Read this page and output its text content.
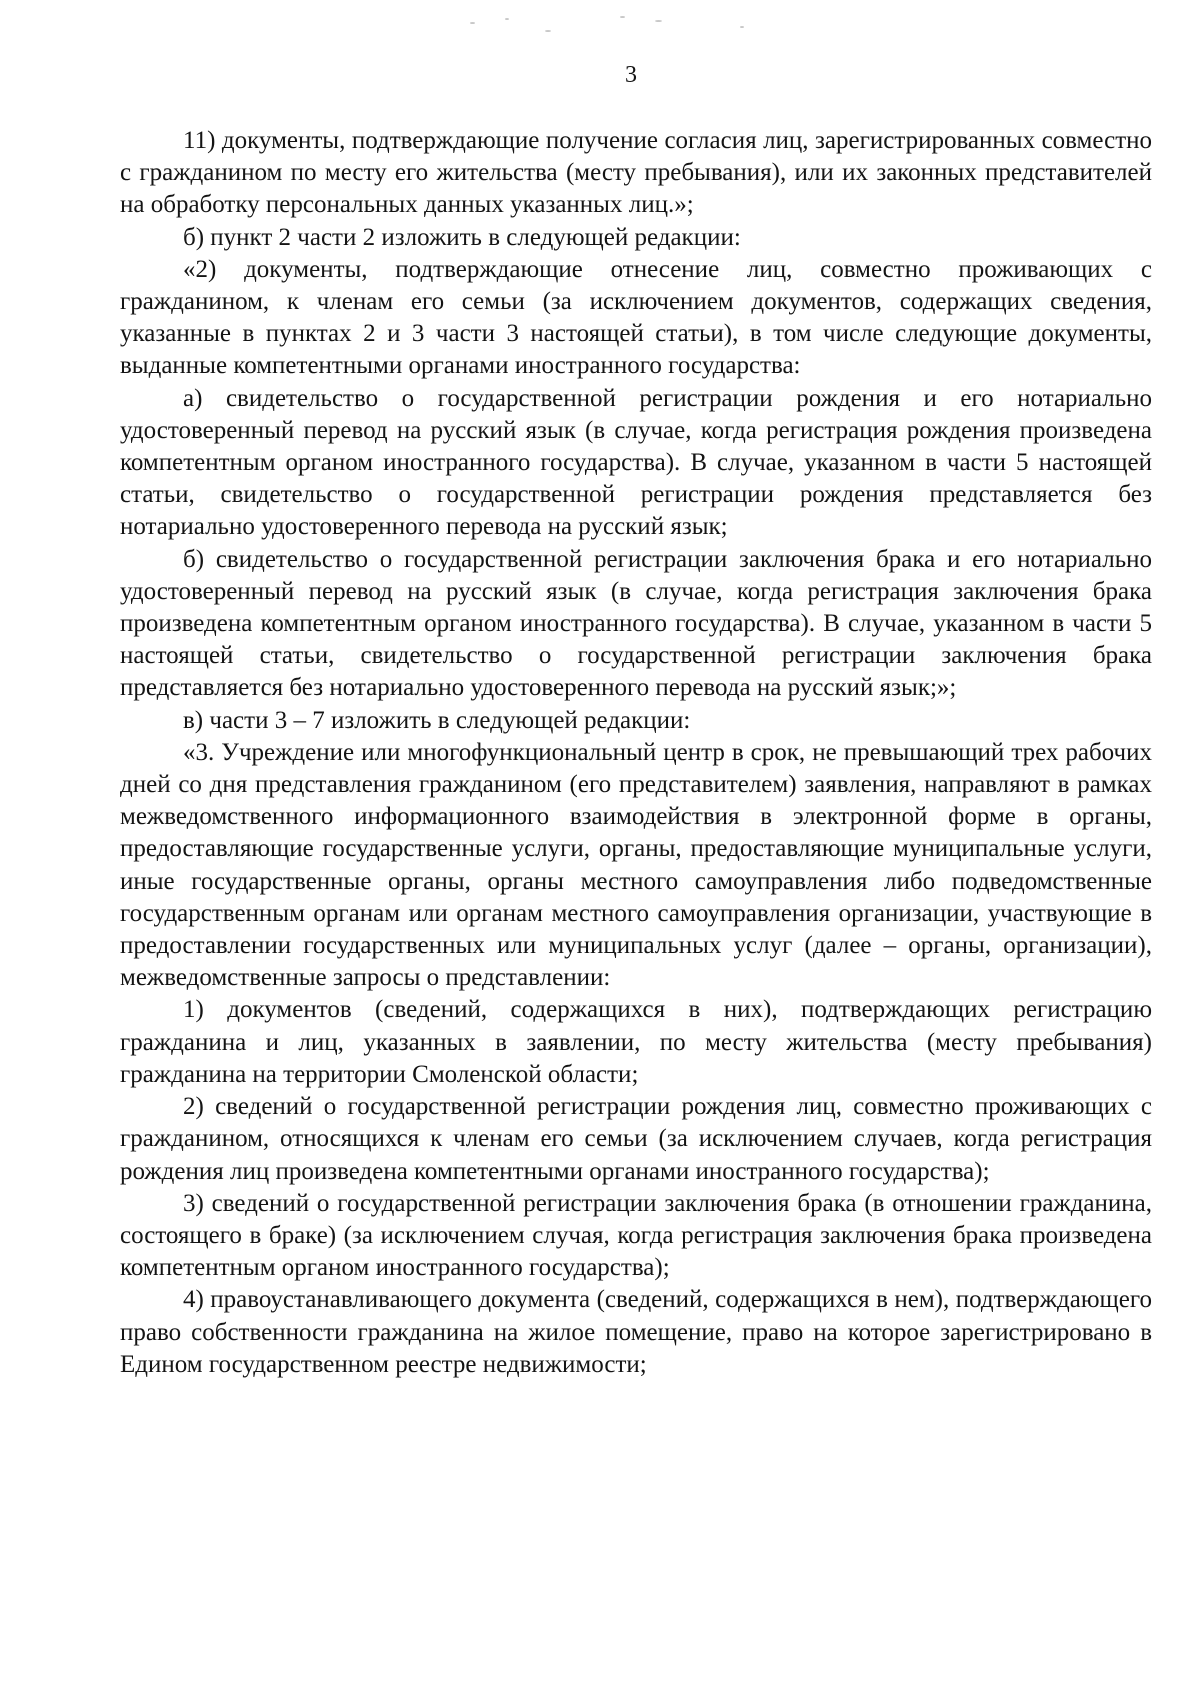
3

11) документы, подтверждающие получение согласия лиц, зарегистрированных совместно с гражданином по месту его жительства (месту пребывания), или их законных представителей на обработку персональных данных указанных лиц.»;

б) пункт 2 части 2 изложить в следующей редакции:

«2) документы, подтверждающие отнесение лиц, совместно проживающих с гражданином, к членам его семьи (за исключением документов, содержащих сведения, указанные в пунктах 2 и 3 части 3 настоящей статьи), в том числе следующие документы, выданные компетентными органами иностранного государства:

а) свидетельство о государственной регистрации рождения и его нотариально удостоверенный перевод на русский язык (в случае, когда регистрация рождения произведена компетентным органом иностранного государства). В случае, указанном в части 5 настоящей статьи, свидетельство о государственной регистрации рождения представляется без нотариально удостоверенного перевода на русский язык;

б) свидетельство о государственной регистрации заключения брака и его нотариально удостоверенный перевод на русский язык (в случае, когда регистрация заключения брака произведена компетентным органом иностранного государства). В случае, указанном в части 5 настоящей статьи, свидетельство о государственной регистрации заключения брака представляется без нотариально удостоверенного перевода на русский язык;»;

в) части 3 – 7 изложить в следующей редакции:

«3. Учреждение или многофункциональный центр в срок, не превышающий трех рабочих дней со дня представления гражданином (его представителем) заявления, направляют в рамках межведомственного информационного взаимодействия в электронной форме в органы, предоставляющие государственные услуги, органы, предоставляющие муниципальные услуги, иные государственные органы, органы местного самоуправления либо подведомственные государственным органам или органам местного самоуправления организации, участвующие в предоставлении государственных или муниципальных услуг (далее – органы, организации), межведомственные запросы о представлении:

1) документов (сведений, содержащихся в них), подтверждающих регистрацию гражданина и лиц, указанных в заявлении, по месту жительства (месту пребывания) гражданина на территории Смоленской области;

2) сведений о государственной регистрации рождения лиц, совместно проживающих с гражданином, относящихся к членам его семьи (за исключением случаев, когда регистрация рождения лиц произведена компетентными органами иностранного государства);

3) сведений о государственной регистрации заключения брака (в отношении гражданина, состоящего в браке) (за исключением случая, когда регистрация заключения брака произведена компетентным органом иностранного государства);

4) правоустанавливающего документа (сведений, содержащихся в нем), подтверждающего право собственности гражданина на жилое помещение, право на которое зарегистрировано в Едином государственном реестре недвижимости;
